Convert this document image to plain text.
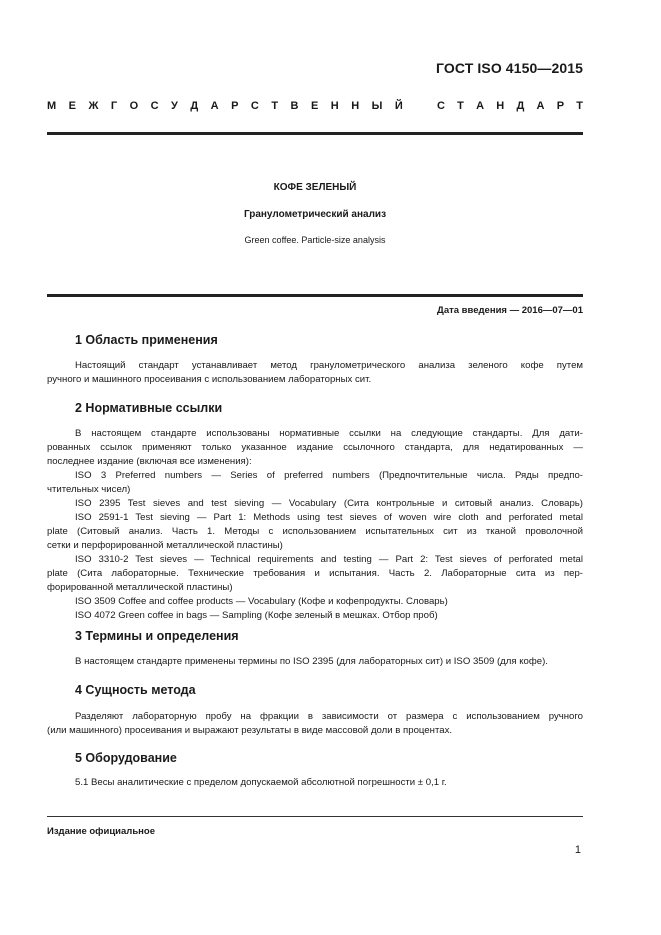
ГОСТ ISO 4150—2015
М Е Ж Г О С У Д А Р С Т В Е Н Н Ы Й	С Т А Н Д А Р Т
КОФЕ ЗЕЛЕНЫЙ
Гранулометрический анализ
Green coffee. Particle-size analysis
Дата введения — 2016—07—01
1 Область применения
Настоящий стандарт устанавливает метод гранулометрического анализа зеленого кофе путем
ручного и машинного просеивания с использованием лабораторных сит.
2 Нормативные ссылки
В настоящем стандарте использованы нормативные ссылки на следующие стандарты. Для дати-
рованных ссылок применяют только указанное издание ссылочного стандарта, для недатированных —
последнее издание (включая все изменения):
ISO 3 Preferred numbers — Series of preferred numbers (Предпочтительные числа. Ряды предпо-
чтительных чисел)
ISO 2395 Test sieves and test sieving — Vocabulary (Сита контрольные и ситовый анализ. Словарь)
ISO 2591-1 Test sieving — Part 1: Methods using test sieves of woven wire cloth and perforated metal
plate (Ситовый анализ. Часть 1. Методы с использованием испытательных сит из тканой проволочной
сетки и перфорированной металлической пластины)
ISO 3310-2 Test sieves — Technical requirements and testing — Part 2: Test sieves of perforated metal
plate (Сита лабораторные. Технические требования и испытания. Часть 2. Лабораторные сита из пер-
форированной металлической пластины)
ISO 3509 Coffee and coffee products — Vocabulary (Кофе и кофепродукты. Словарь)
ISO 4072 Green coffee in bags — Sampling (Кофе зеленый в мешках. Отбор проб)
3 Термины и определения
В настоящем стандарте применены термины по ISO 2395 (для лабораторных сит) и ISO 3509 (для кофе).
4 Сущность метода
Разделяют лабораторную пробу на фракции в зависимости от размера с использованием ручного
(или машинного) просеивания и выражают результаты в виде массовой доли в процентах.
5 Оборудование
5.1 Весы аналитические с пределом допускаемой абсолютной погрешности ± 0,1 г.
Издание официальное
1
